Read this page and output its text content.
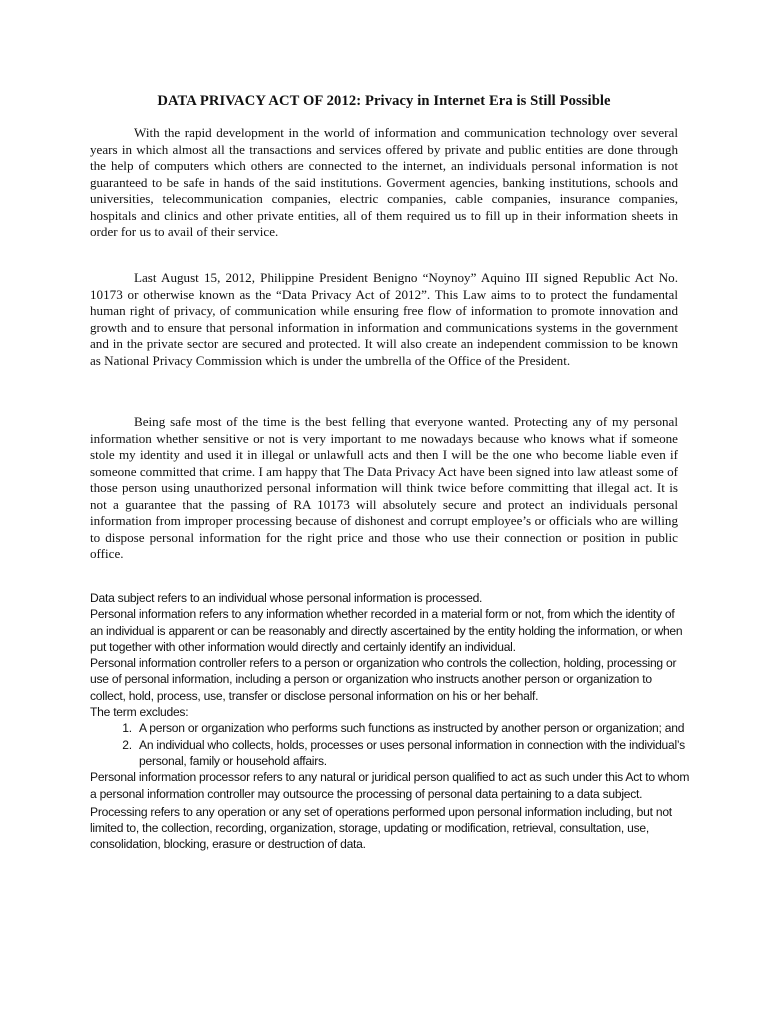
DATA PRIVACY ACT OF 2012: Privacy in Internet Era is Still Possible

With the rapid development in the world of information and communication technology over several years in which almost all the transactions and services offered by private and public entities are done through the help of computers which others are connected to the internet, an individuals personal information is not guaranteed to be safe in hands of the said institutions. Goverment agencies, banking institutions, schools and universities, telecommunication companies, electric companies, cable companies, insurance companies, hospitals and clinics and other private entities, all of them required us to fill up in their information sheets in order for us to avail of their service.

Last August 15, 2012, Philippine President Benigno “Noynoy” Aquino III signed Republic Act No. 10173 or otherwise known as the “Data Privacy Act of 2012”. This Law aims to to protect the fundamental human right of privacy, of communication while ensuring free flow of information to promote innovation and growth and to ensure that personal information in information and communications systems in the government and in the private sector are secured and protected. It will also create an independent commission to be known as National Privacy Commission which is under the umbrella of the Office of the President.

Being safe most of the time is the best felling that everyone wanted. Protecting any of my personal information whether sensitive or not is very important to me nowadays because who knows what if someone stole my identity and used it in illegal or unlawfull acts and then I will be the one who become liable even if someone committed that crime. I am happy that The Data Privacy Act have been signed into law atleast some of those person using unauthorized personal information will think twice before committing that illegal act. It is not a guarantee that the passing of RA 10173 will absolutely secure and protect an individuals personal information from improper processing because of dishonest and corrupt employee’s or officials who are willing to dispose personal information for the right price and those who use their connection or position in public office.

Data subject refers to an individual whose personal information is processed.

Personal information refers to any information whether recorded in a material form or not, from which the identity of an individual is apparent or can be reasonably and directly ascertained by the entity holding the information, or when put together with other information would directly and certainly identify an individual.

Personal information controller refers to a person or organization who controls the collection, holding, processing or use of personal information, including a person or organization who instructs another person or organization to collect, hold, process, use, transfer or disclose personal information on his or her behalf.

The term excludes:

1. A person or organization who performs such functions as instructed by another person or organization; and
2. An individual who collects, holds, processes or uses personal information in connection with the individual’s personal, family or household affairs.

Personal information processor refers to any natural or juridical person qualified to act as such under this Act to whom a personal information controller may outsource the processing of personal data pertaining to a data subject.

Processing refers to any operation or any set of operations performed upon personal information including, but not limited to, the collection, recording, organization, storage, updating or modification, retrieval, consultation, use, consolidation, blocking, erasure or destruction of data.
